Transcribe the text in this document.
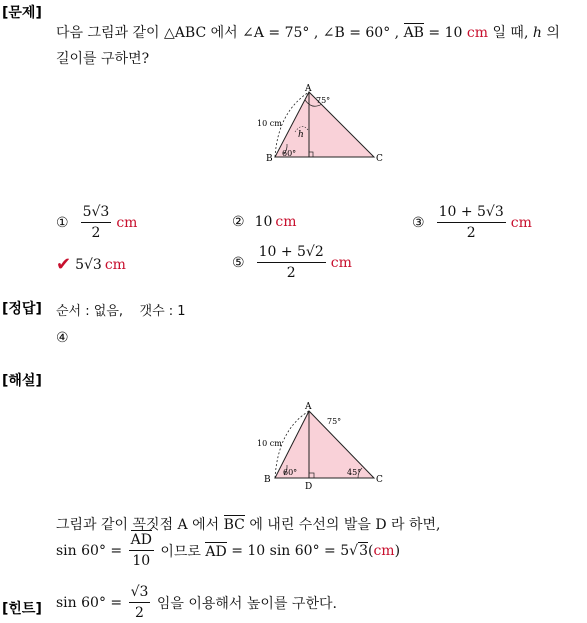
[문제]
다음 그림과 같이 △ABC 에서 ∠A = 75° , ∠B = 60° , AB = 10 cm 일 때, h 의
길이를 구하면?
A
B	C
75°
60°
10 cm
h
① $\frac{5√3}{2}$ cm	② 10 cm	③ $\frac{10 + 5√3}{2}$ cm
✔ 5√3 cm	⑤ $\frac{10 + 5√2}{2}$ cm
[정답] 순서 : 없음,    갯수 : 1
④
[해설]
A
B	C
D
75°
60°	45°
10 cm
그림과 같이 꼭짓점 A 에서 BC 에 내린 수선의 발을 D 라 하면,
$\sin 60^\circ = \frac{AD}{10}$ 이므로 AD = 10 sin 60° = 5 √ 3 ( cm )
[힌트] $\sin 60^\circ = \frac{√3}{2}$ 임을 이용해서 높이를 구한다.
